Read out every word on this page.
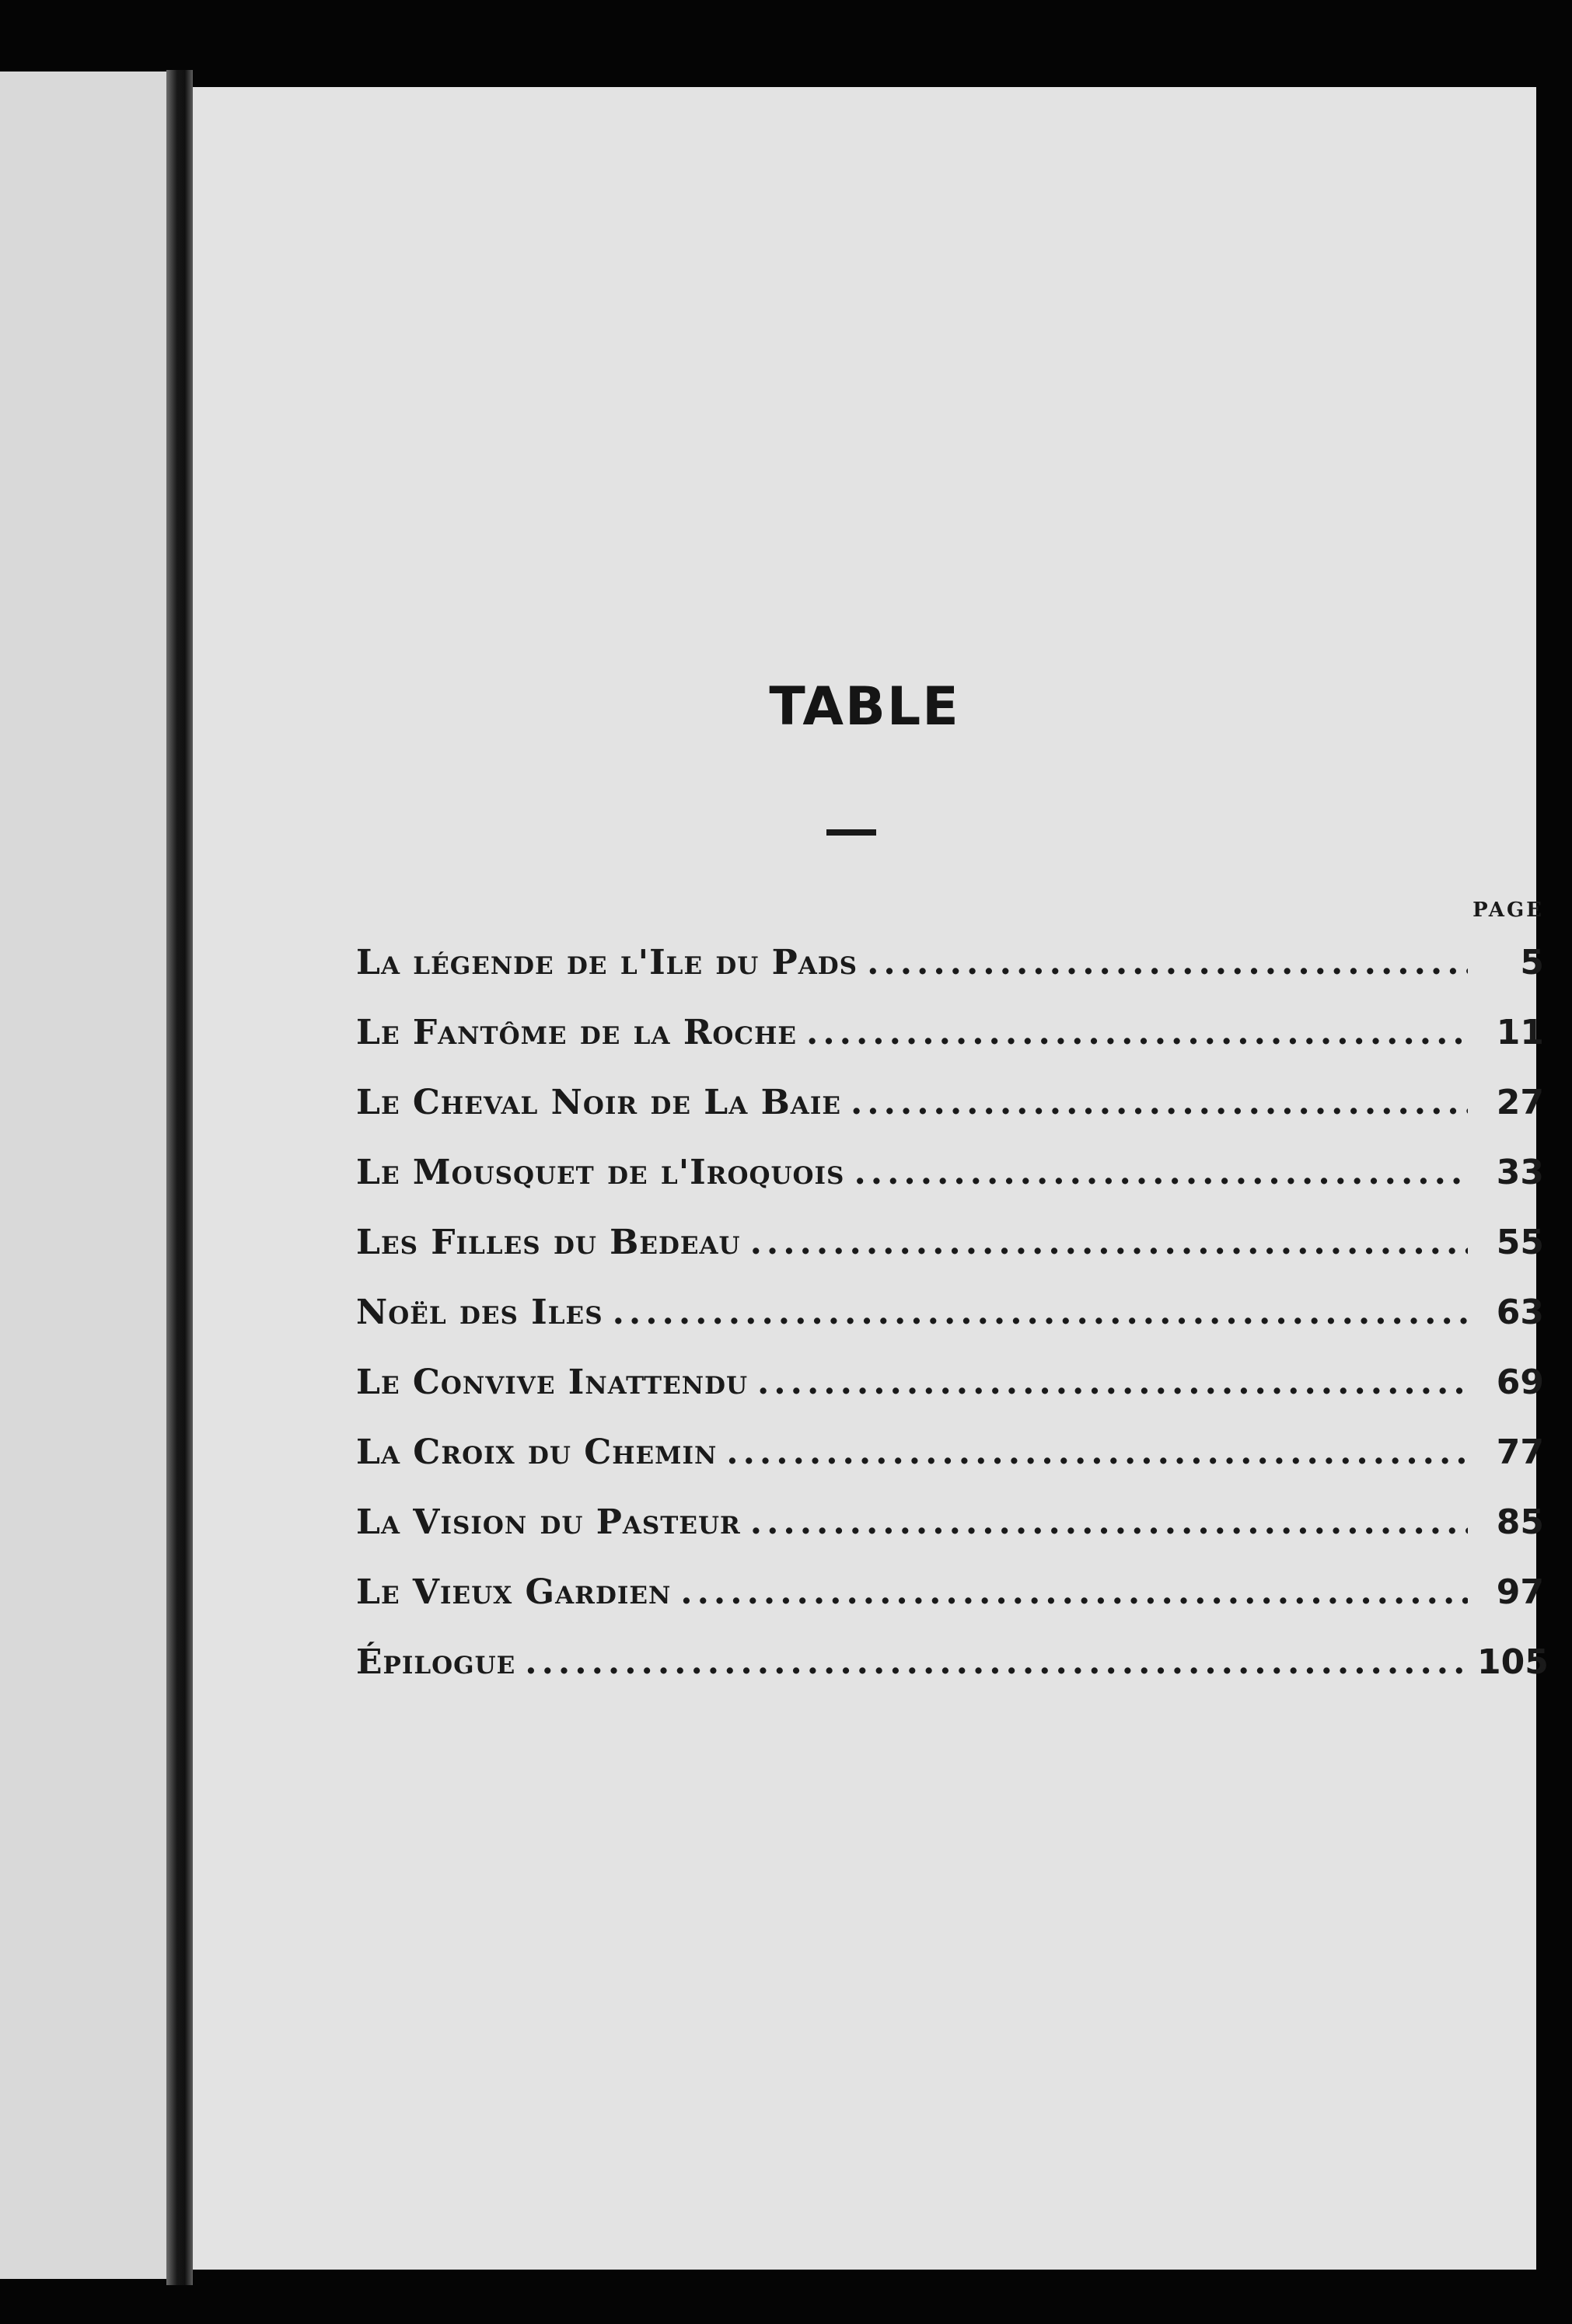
TABLE
PAGE
La légende de l'Ile du Pads .....	5
Le Fantôme de la Roche .....	11
Le Cheval Noir de La Baie .....	27
Le Mousquet de l'Iroquois .....	33
Les Filles du Bedeau .....	55
Noël des Iles .....	63
Le Convive Inattendu .....	69
La Croix du Chemin .....	77
La Vision du Pasteur .....	85
Le Vieux Gardien .....	97
Épilogue .....	105
